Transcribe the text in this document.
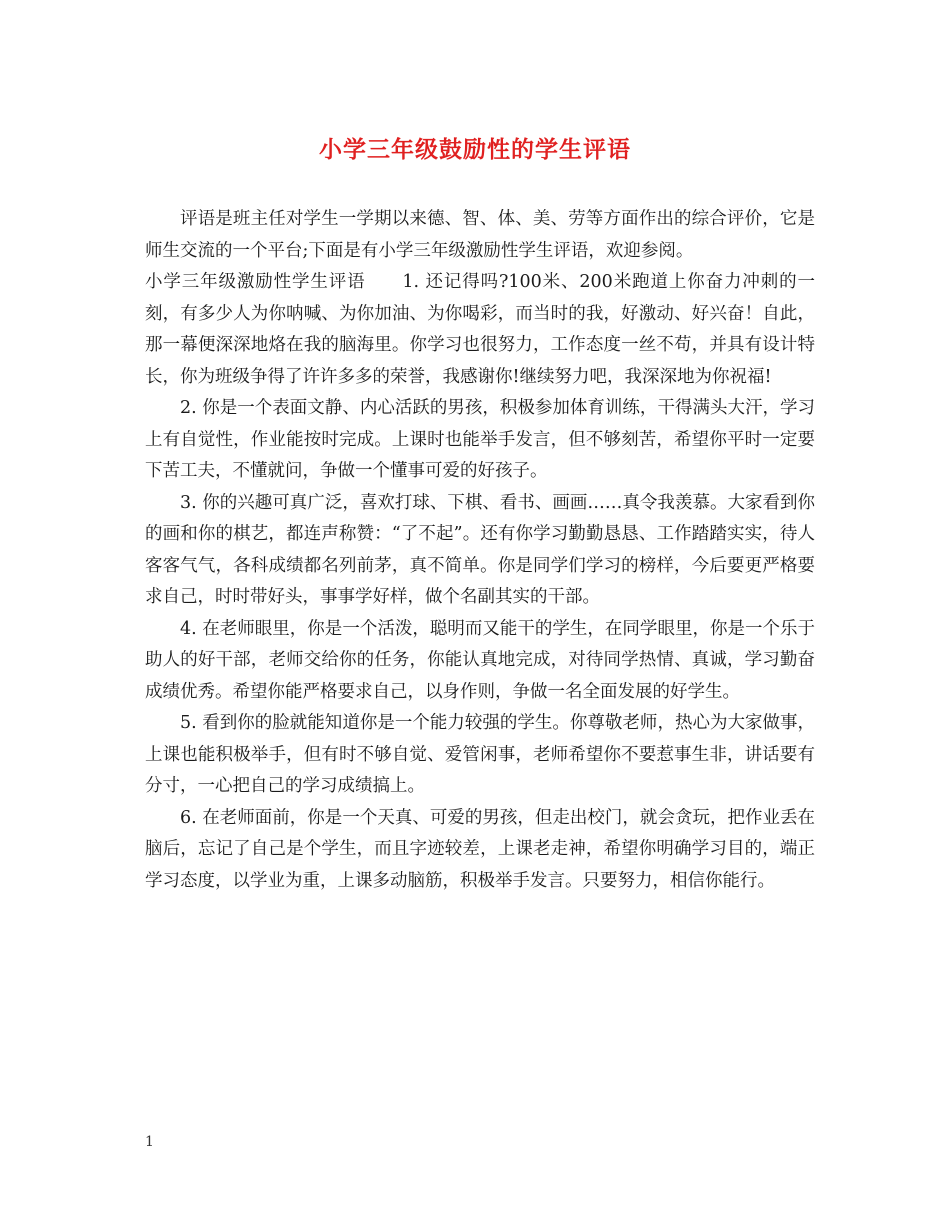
小学三年级鼓励性的学生评语

评语是班主任对学生一学期以来德、智、体、美、劳等方面作出的综合评价，它是师生交流的一个平台;下面是有小学三年级激励性学生评语，欢迎参阅。

小学三年级激励性学生评语　　1. 还记得吗?100米、200米跑道上你奋力冲刺的一刻，有多少人为你呐喊、为你加油、为你喝彩，而当时的我，好激动、好兴奋！自此，那一幕便深深地烙在我的脑海里。你学习也很努力，工作态度一丝不苟，并具有设计特长，你为班级争得了许许多多的荣誉，我感谢你!继续努力吧，我深深地为你祝福!

2. 你是一个表面文静、内心活跃的男孩，积极参加体育训练，干得满头大汗，学习上有自觉性，作业能按时完成。上课时也能举手发言，但不够刻苦，希望你平时一定要下苦工夫，不懂就问，争做一个懂事可爱的好孩子。

3. 你的兴趣可真广泛，喜欢打球、下棋、看书、画画……真令我羡慕。大家看到你的画和你的棋艺，都连声称赞：“了不起”。还有你学习勤勤恳恳、工作踏踏实实，待人客客气气，各科成绩都名列前茅，真不简单。你是同学们学习的榜样，今后要更严格要求自己，时时带好头，事事学好样，做个名副其实的干部。

4. 在老师眼里，你是一个活泼，聪明而又能干的学生，在同学眼里，你是一个乐于助人的好干部，老师交给你的任务，你能认真地完成，对待同学热情、真诚，学习勤奋成绩优秀。希望你能严格要求自己，以身作则，争做一名全面发展的好学生。

5. 看到你的脸就能知道你是一个能力较强的学生。你尊敬老师，热心为大家做事，上课也能积极举手，但有时不够自觉、爱管闲事，老师希望你不要惹事生非，讲话要有分寸，一心把自己的学习成绩搞上。

6. 在老师面前，你是一个天真、可爱的男孩，但走出校门，就会贪玩，把作业丢在脑后，忘记了自己是个学生，而且字迹较差，上课老走神，希望你明确学习目的，端正学习态度，以学业为重，上课多动脑筋，积极举手发言。只要努力，相信你能行。

1
